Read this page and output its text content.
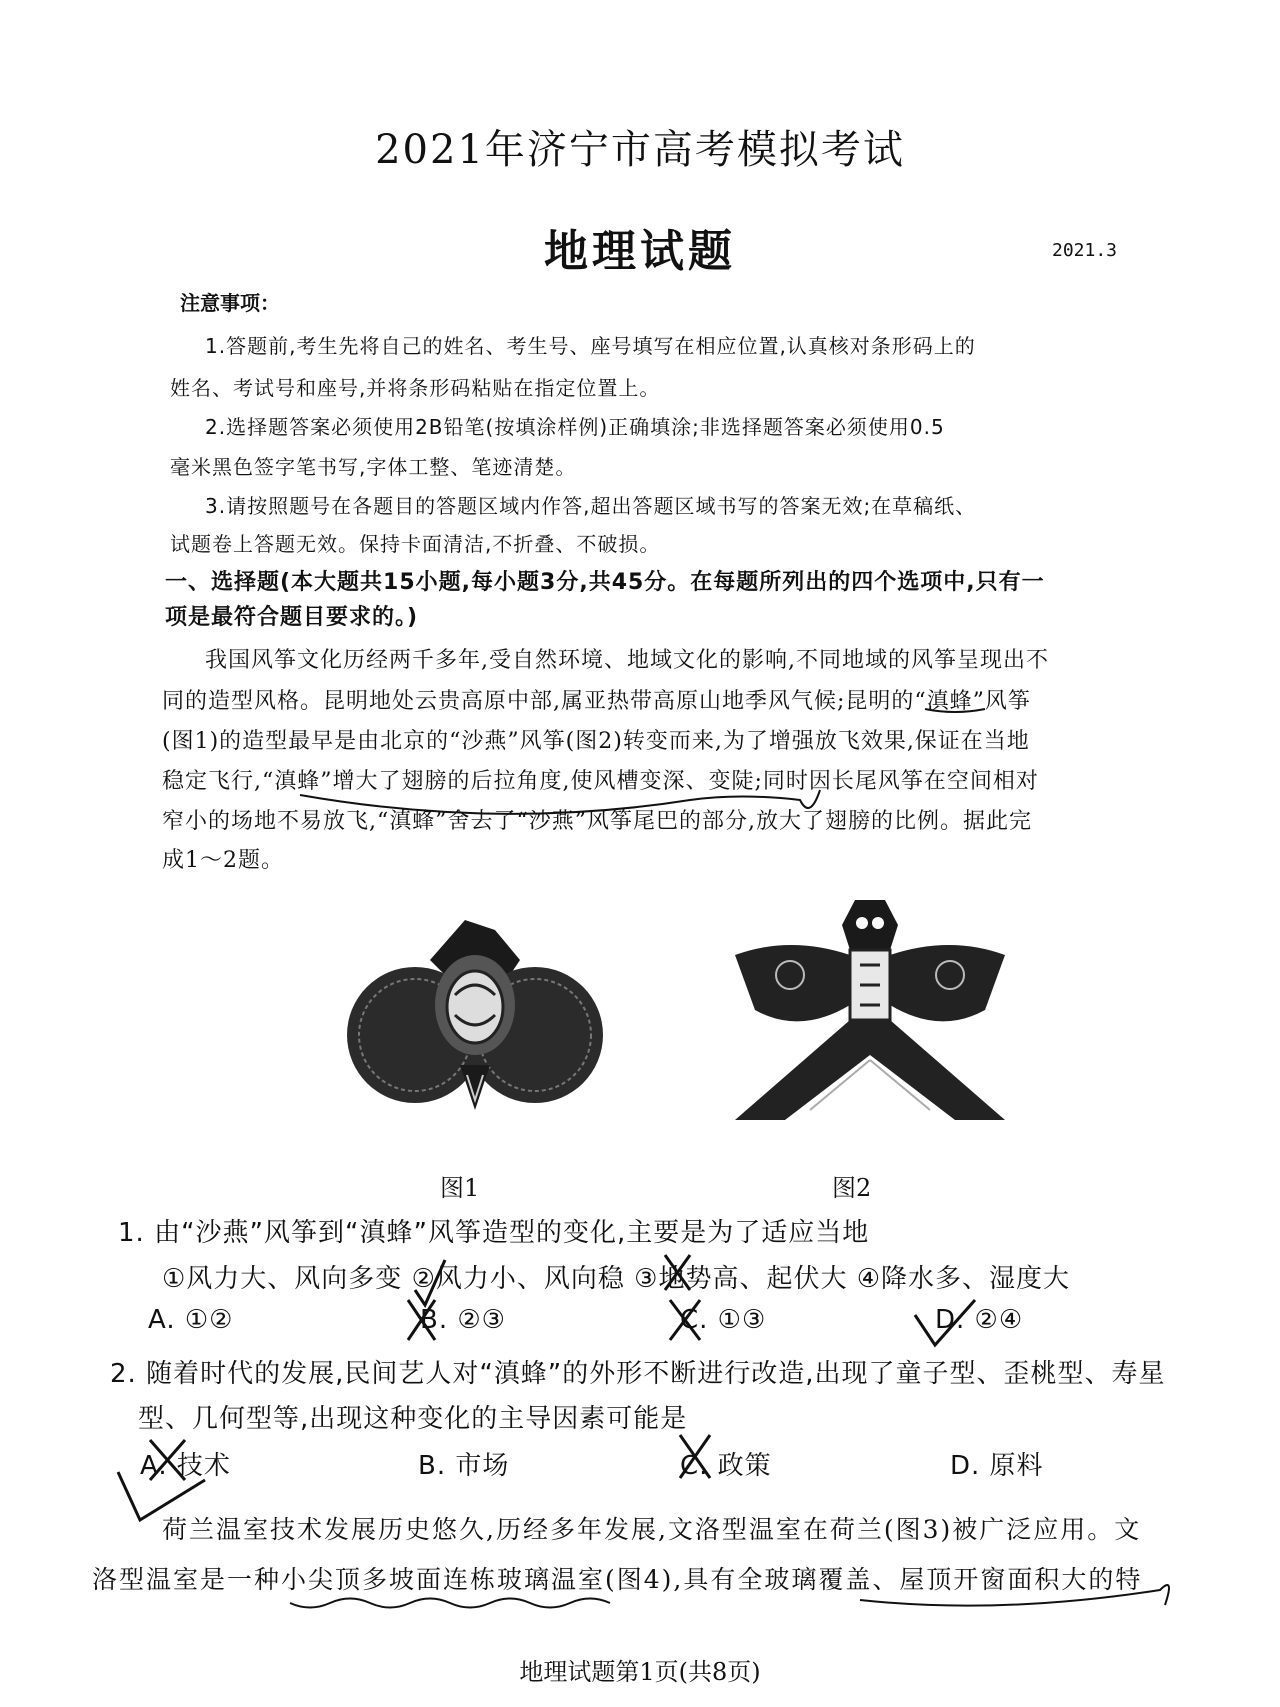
2021年济宁市高考模拟考试
地理试题	2021.3
注意事项：
1.答题前,考生先将自己的姓名、考生号、座号填写在相应位置,认真核对条形码上的
姓名、考试号和座号,并将条形码粘贴在指定位置上。
2.选择题答案必须使用2B铅笔(按填涂样例)正确填涂;非选择题答案必须使用0.5
毫米黑色签字笔书写,字体工整、笔迹清楚。
3.请按照题号在各题目的答题区域内作答,超出答题区域书写的答案无效;在草稿纸、
试题卷上答题无效。保持卡面清洁,不折叠、不破损。
一、选择题(本大题共15小题,每小题3分,共45分。在每题所列出的四个选项中,只有一
项是最符合题目要求的。)
我国风筝文化历经两千多年,受自然环境、地域文化的影响,不同地域的风筝呈现出不
同的造型风格。昆明地处云贵高原中部,属亚热带高原山地季风气候;昆明的“滇蜂”风筝
(图1)的造型最早是由北京的“沙燕”风筝(图2)转变而来,为了增强放飞效果,保证在当地
稳定飞行,“滇蜂”增大了翅膀的后拉角度,使风槽变深、变陡;同时因长尾风筝在空间相对
窄小的场地不易放飞,“滇蜂”舍去了“沙燕”风筝尾巴的部分,放大了翅膀的比例。据此完
成1～2题。
图1	图2
1. 由“沙燕”风筝到“滇蜂”风筝造型的变化,主要是为了适应当地
①风力大、风向多变 ②风力小、风向稳 ③地势高、起伏大 ④降水多、湿度大
A. ①②	B. ②③	C. ①③	D. ②④
2. 随着时代的发展,民间艺人对“滇蜂”的外形不断进行改造,出现了童子型、歪桃型、寿星
型、几何型等,出现这种变化的主导因素可能是
A. 技术	B. 市场	C. 政策	D. 原料
荷兰温室技术发展历史悠久,历经多年发展,文洛型温室在荷兰(图3)被广泛应用。文
洛型温室是一种小尖顶多坡面连栋玻璃温室(图4),具有全玻璃覆盖、屋顶开窗面积大的特
地理试题第1页(共8页)
